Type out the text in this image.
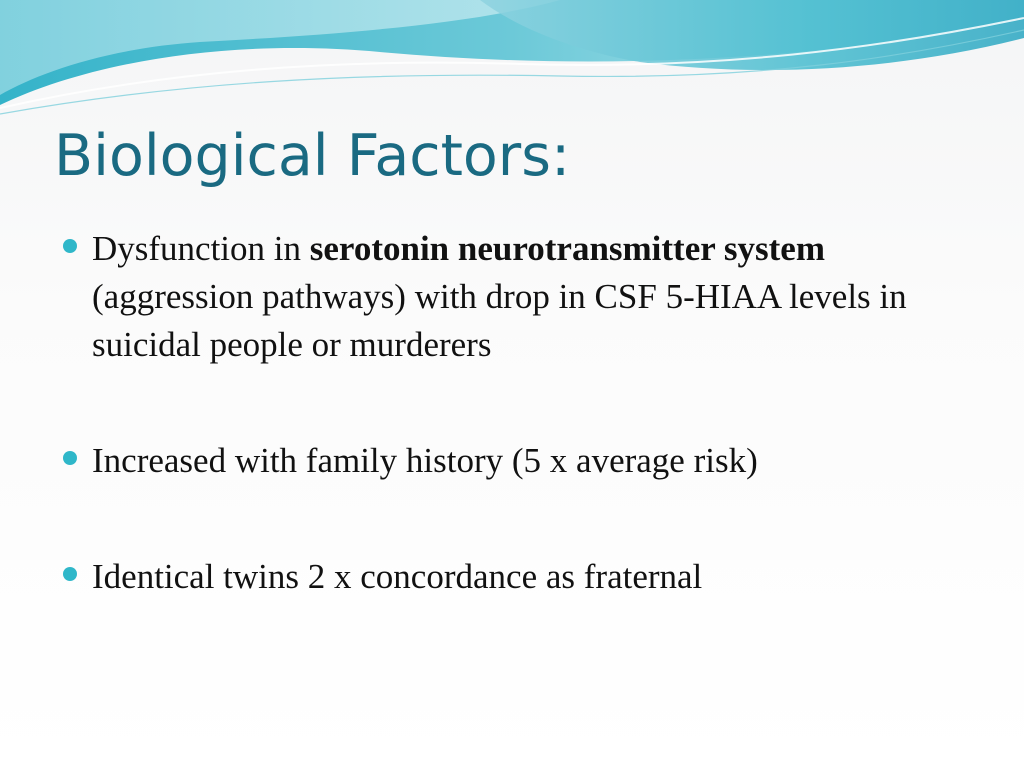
Biological Factors:
Dysfunction in serotonin neurotransmitter system (aggression pathways) with drop in CSF 5-HIAA levels in suicidal people or murderers
Increased with family history (5 x average risk)
Identical twins 2 x concordance as fraternal
